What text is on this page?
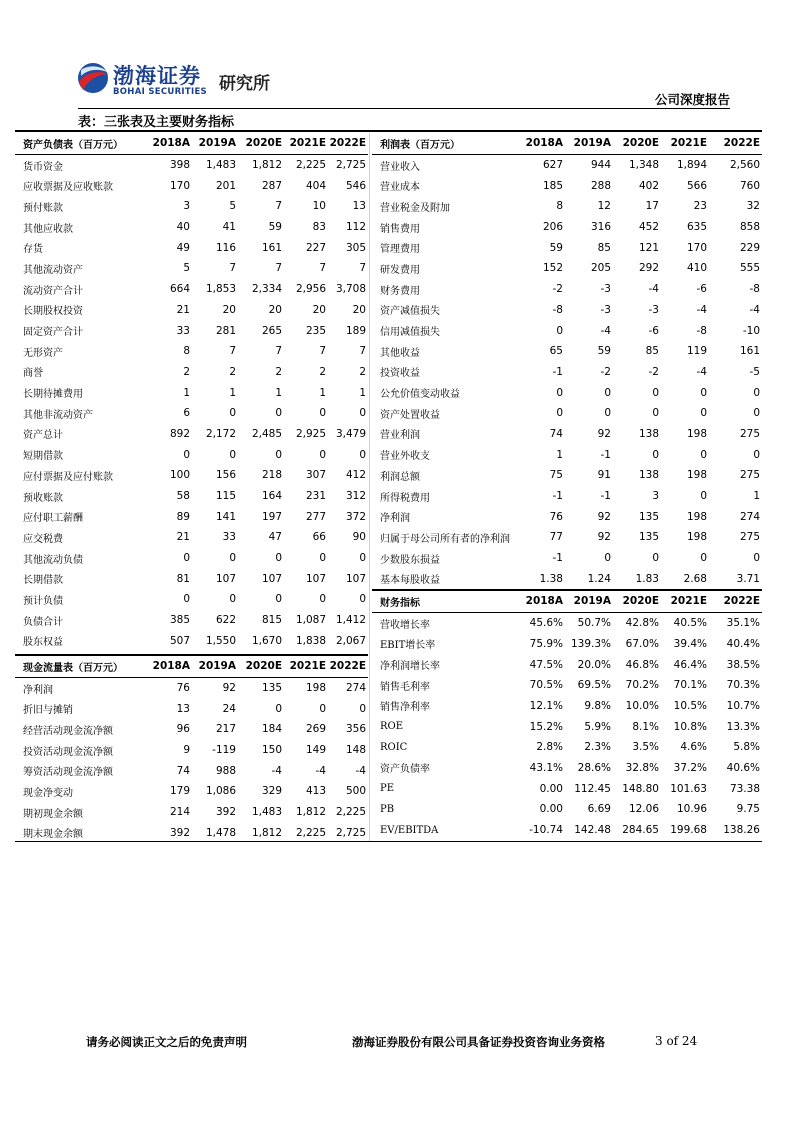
渤海证券
BOHAI SECURITIES 研究所
公司深度报告
表：三张表及主要财务指标
资产负债表（百万元）	2018A	2019A	2020E	2021E	2022E
货币资金	398	1,483	1,812	2,225	2,725
应收票据及应收账款	170	201	287	404	546
预付账款	3	5	7	10	13
其他应收款	40	41	59	83	112
存货	49	116	161	227	305
其他流动资产	5	7	7	7	7
流动资产合计	664	1,853	2,334	2,956	3,708
长期股权投资	21	20	20	20	20
固定资产合计	33	281	265	235	189
无形资产	8	7	7	7	7
商誉	2	2	2	2	2
长期待摊费用	1	1	1	1	1
其他非流动资产	6	0	0	0	0
资产总计	892	2,172	2,485	2,925	3,479
短期借款	0	0	0	0	0
应付票据及应付账款	100	156	218	307	412
预收账款	58	115	164	231	312
应付职工薪酬	89	141	197	277	372
应交税费	21	33	47	66	90
其他流动负债	0	0	0	0	0
长期借款	81	107	107	107	107
预计负债	0	0	0	0	0
负债合计	385	622	815	1,087	1,412
股东权益	507	1,550	1,670	1,838	2,067
现金流量表（百万元）	2018A	2019A	2020E	2021E	2022E
净利润	76	92	135	198	274
折旧与摊销	13	24	0	0	0
经营活动现金流净额	96	217	184	269	356
投资活动现金流净额	9	-119	150	149	148
筹资活动现金流净额	74	988	-4	-4	-4
现金净变动	179	1,086	329	413	500
期初现金余额	214	392	1,483	1,812	2,225
期末现金余额	392	1,478	1,812	2,225	2,725
利润表（百万元）	2018A	2019A	2020E	2021E	2022E
营业收入	627	944	1,348	1,894	2,560
营业成本	185	288	402	566	760
营业税金及附加	8	12	17	23	32
销售费用	206	316	452	635	858
管理费用	59	85	121	170	229
研发费用	152	205	292	410	555
财务费用	-2	-3	-4	-6	-8
资产减值损失	-8	-3	-3	-4	-4
信用减值损失	0	-4	-6	-8	-10
其他收益	65	59	85	119	161
投资收益	-1	-2	-2	-4	-5
公允价值变动收益	0	0	0	0	0
资产处置收益	0	0	0	0	0
营业利润	74	92	138	198	275
营业外收支	1	-1	0	0	0
利润总额	75	91	138	198	275
所得税费用	-1	-1	3	0	1
净利润	76	92	135	198	274
归属于母公司所有者的净利润	77	92	135	198	275
少数股东损益	-1	0	0	0	0
基本每股收益	1.38	1.24	1.83	2.68	3.71
财务指标	2018A	2019A	2020E	2021E	2022E
营收增长率	45.6%	50.7%	42.8%	40.5%	35.1%
EBIT增长率	75.9%	139.3%	67.0%	39.4%	40.4%
净利润增长率	47.5%	20.0%	46.8%	46.4%	38.5%
销售毛利率	70.5%	69.5%	70.2%	70.1%	70.3%
销售净利率	12.1%	9.8%	10.0%	10.5%	10.7%
ROE	15.2%	5.9%	8.1%	10.8%	13.3%
ROIC	2.8%	2.3%	3.5%	4.6%	5.8%
资产负债率	43.1%	28.6%	32.8%	37.2%	40.6%
PE	0.00	112.45	148.80	101.63	73.38
PB	0.00	6.69	12.06	10.96	9.75
EV/EBITDA	-10.74	142.48	284.65	199.68	138.26
请务必阅读正文之后的免责声明	渤海证券股份有限公司具备证券投资咨询业务资格	3 of 24
